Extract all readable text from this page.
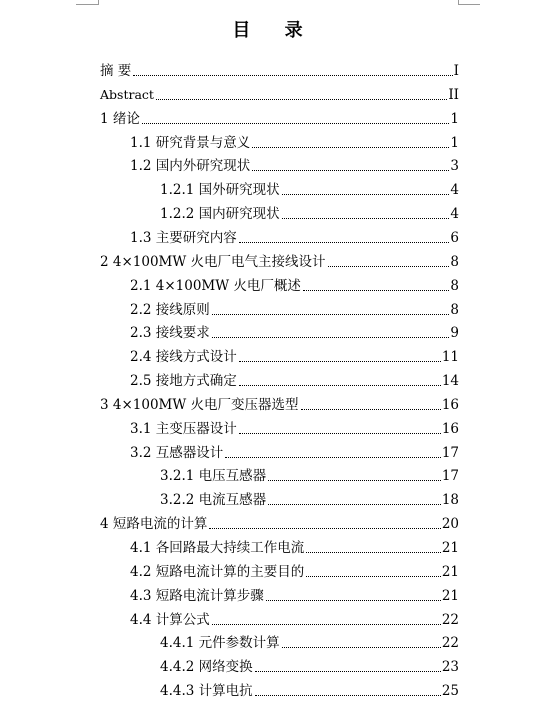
目 录
摘 要	I
Abstract	II
1 绪论	1
1.1 研究背景与意义	1
1.2 国内外研究现状	3
1.2.1 国外研究现状	4
1.2.2 国内研究现状	4
1.3 主要研究内容	6
2 4×100MW 火电厂电气主接线设计	8
2.1 4×100MW 火电厂概述	8
2.2 接线原则	8
2.3 接线要求	9
2.4 接线方式设计	11
2.5 接地方式确定	14
3 4×100MW 火电厂变压器选型	16
3.1 主变压器设计	16
3.2 互感器设计	17
3.2.1 电压互感器	17
3.2.2 电流互感器	18
4 短路电流的计算	20
4.1 各回路最大持续工作电流	21
4.2 短路电流计算的主要目的	21
4.3 短路电流计算步骤	21
4.4 计算公式	22
4.4.1 元件参数计算	22
4.4.2 网络变换	23
4.4.3 计算电抗	25
